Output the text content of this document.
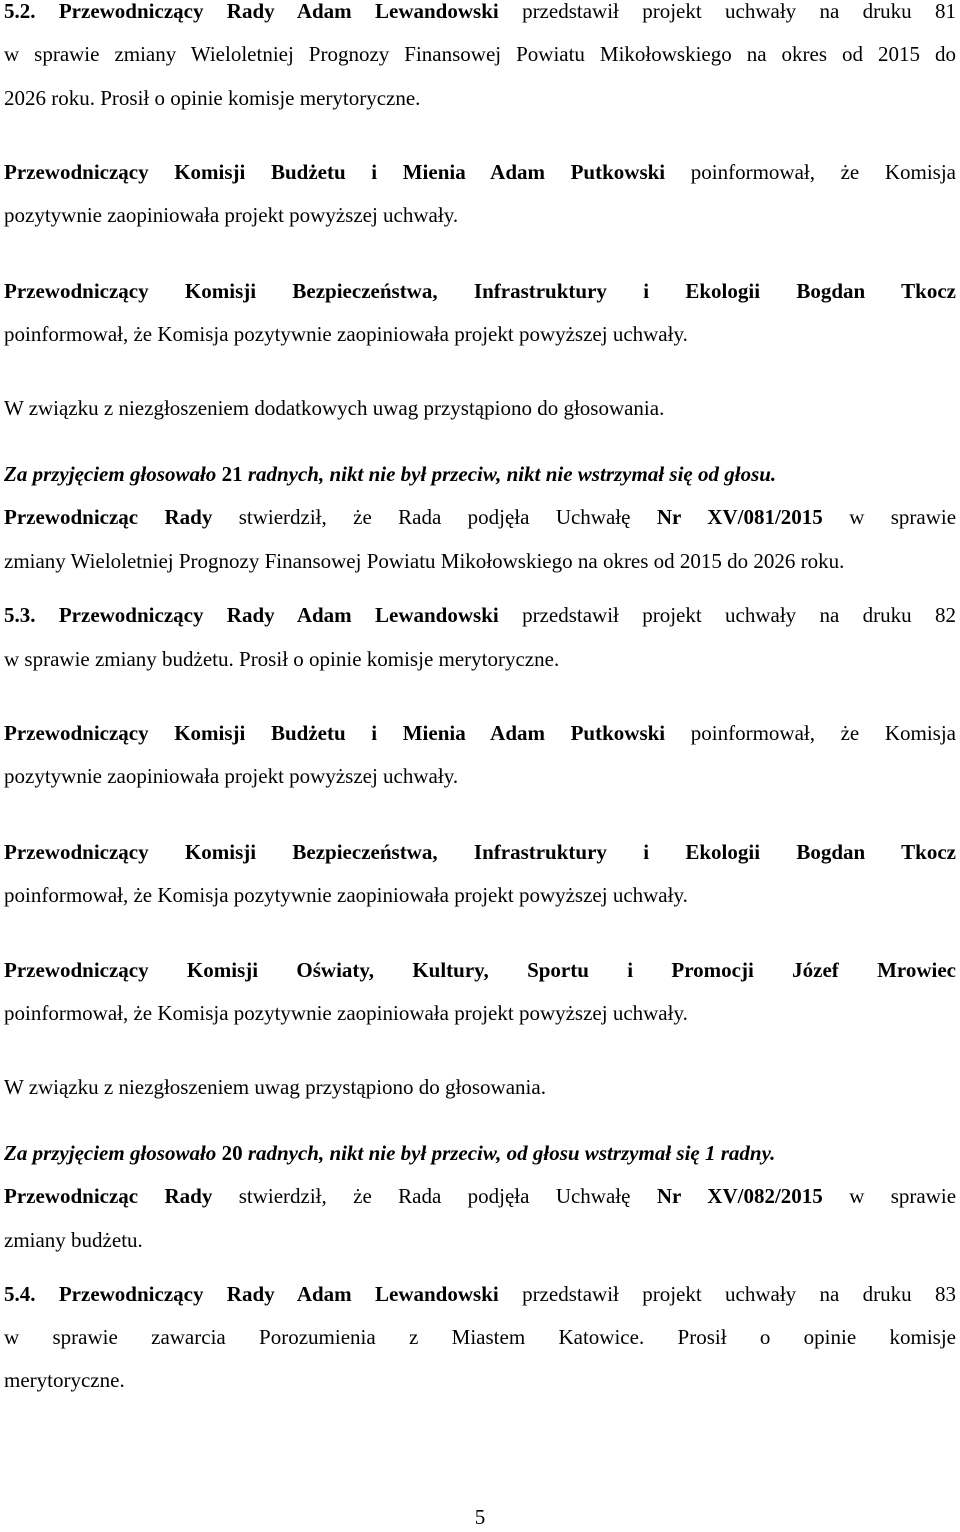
5.2. Przewodniczący Rady Adam Lewandowski przedstawił projekt uchwały na druku 81
w sprawie zmiany Wieloletniej Prognozy Finansowej Powiatu Mikołowskiego na okres od 2015 do
2026 roku. Prosił o opinie komisje merytoryczne.
Przewodniczący Komisji Budżetu i Mienia Adam Putkowski poinformował, że Komisja
pozytywnie zaopiniowała projekt powyższej uchwały.
Przewodniczący Komisji Bezpieczeństwa, Infrastruktury i Ekologii Bogdan Tkocz
poinformował, że Komisja pozytywnie zaopiniowała projekt powyższej uchwały.
W związku z niezgłoszeniem dodatkowych uwag przystąpiono do głosowania.
Za przyjęciem głosowało 21 radnych, nikt nie był przeciw, nikt nie wstrzymał się od głosu.
Przewodnicząc Rady stwierdził, że Rada podjęła Uchwałę Nr XV/081/2015 w sprawie
zmiany Wieloletniej Prognozy Finansowej Powiatu Mikołowskiego na okres od 2015 do 2026 roku.
5.3. Przewodniczący Rady Adam Lewandowski przedstawił projekt uchwały na druku 82
w sprawie zmiany budżetu. Prosił o opinie komisje merytoryczne.
Przewodniczący Komisji Budżetu i Mienia Adam Putkowski poinformował, że Komisja
pozytywnie zaopiniowała projekt powyższej uchwały.
Przewodniczący Komisji Bezpieczeństwa, Infrastruktury i Ekologii Bogdan Tkocz
poinformował, że Komisja pozytywnie zaopiniowała projekt powyższej uchwały.
Przewodniczący Komisji Oświaty, Kultury, Sportu i Promocji Józef Mrowiec
poinformował, że Komisja pozytywnie zaopiniowała projekt powyższej uchwały.
W związku z niezgłoszeniem uwag przystąpiono do głosowania.
Za przyjęciem głosowało 20 radnych, nikt nie był przeciw, od głosu wstrzymał się 1 radny.
Przewodnicząc Rady stwierdził, że Rada podjęła Uchwałę Nr XV/082/2015 w sprawie
zmiany budżetu.
5.4. Przewodniczący Rady Adam Lewandowski przedstawił projekt uchwały na druku 83
w sprawie zawarcia Porozumienia z Miastem Katowice. Prosił o opinie komisje
merytoryczne.
5
